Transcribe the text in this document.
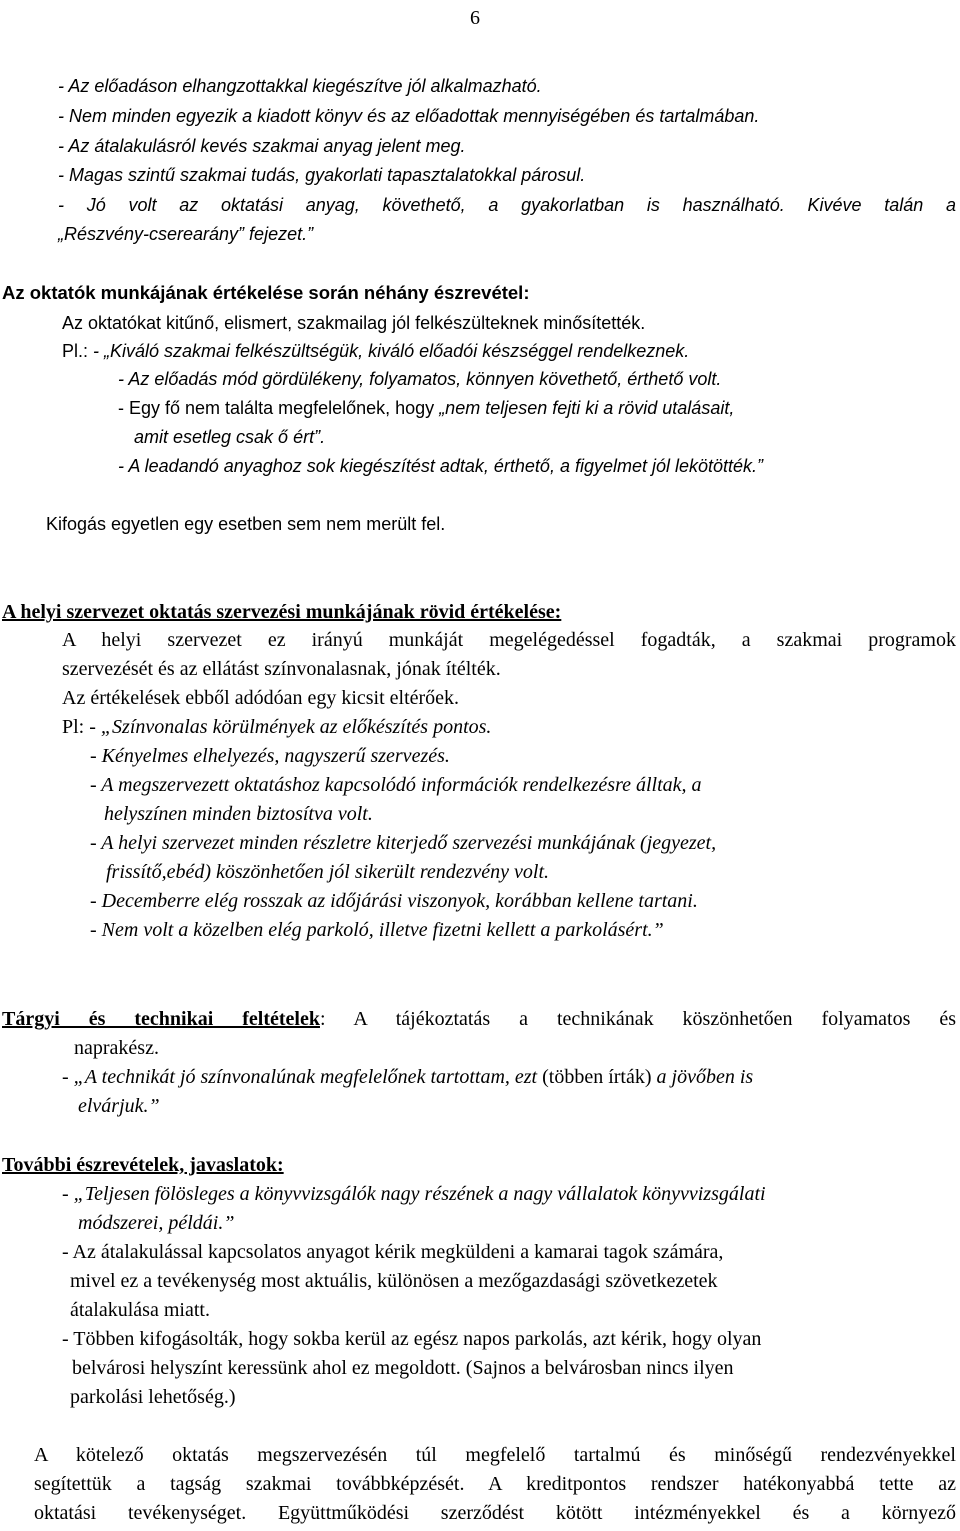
6
- Az előadáson elhangzottakkal kiegészítve jól alkalmazható.
- Nem minden egyezik a kiadott könyv és az előadottak mennyiségében és tartalmában.
- Az átalakulásról kevés szakmai anyag jelent meg.
- Magas szintű szakmai tudás, gyakorlati tapasztalatokkal párosul.
- Jó volt az oktatási anyag, követhető, a gyakorlatban is használható. Kivéve talán a
„Részvény-cserearány” fejezet.”
Az oktatók munkájának értékelése során néhány észrevétel:
Az oktatókat kitűnő, elismert, szakmailag jól felkészülteknek minősítették.
Pl.: - „Kiváló szakmai felkészültségük, kiváló előadói készséggel rendelkeznek.
- Az előadás mód gördülékeny, folyamatos, könnyen követhető, érthető volt.
- Egy fő nem találta megfelelőnek, hogy „nem teljesen fejti ki a rövid utalásait,
amit esetleg csak ő ért”.
- A leadandó anyaghoz sok kiegészítést adtak, érthető, a figyelmet jól lekötötték.”
Kifogás egyetlen egy esetben sem nem merült fel.
A helyi szervezet oktatás szervezési munkájának rövid értékelése:
A helyi szervezet ez irányú munkáját megelégedéssel fogadták, a szakmai programok
szervezését és az ellátást színvonalasnak, jónak ítélték.
Az értékelések ebből adódóan egy kicsit eltérőek.
Pl: - „Színvonalas körülmények az előkészítés pontos.
- Kényelmes elhelyezés, nagyszerű szervezés.
- A megszervezett oktatáshoz kapcsolódó információk rendelkezésre álltak, a
helyszínen minden biztosítva volt.
- A helyi szervezet minden részletre kiterjedő szervezési munkájának (jegyezet,
frissítő,ebéd) köszönhetően jól sikerült rendezvény volt.
- Decemberre elég rosszak az időjárási viszonyok, korábban kellene tartani.
- Nem volt a közelben elég parkoló, illetve fizetni kellett a parkolásért.”
Tárgyi és technikai feltételek: A tájékoztatás a technikának köszönhetően folyamatos és
naprakész.
- „A technikát jó színvonalúnak megfelelőnek tartottam, ezt (többen írták) a jövőben is
elvárjuk.”
További észrevételek, javaslatok:
- „Teljesen fölösleges a könyvvizsgálók nagy részének a nagy vállalatok könyvvizsgálati
módszerei, példái.”
- Az átalakulással kapcsolatos anyagot kérik megküldeni a kamarai tagok számára,
mivel ez a tevékenység most aktuális, különösen a mezőgazdasági szövetkezetek
átalakulása miatt.
- Többen kifogásolták, hogy sokba kerül az egész napos parkolás, azt kérik, hogy olyan
belvárosi helyszínt keressünk ahol ez megoldott. (Sajnos a belvárosban nincs ilyen
parkolási lehetőség.)
A kötelező oktatás megszervezésén túl megfelelő tartalmú és minőségű rendezvényekkel
segítettük a tagság szakmai továbbképzését. A kreditpontos rendszer hatékonyabbá tette az
oktatási tevékenységet. Együttműködési szerződést kötött intézményekkel és a környező
